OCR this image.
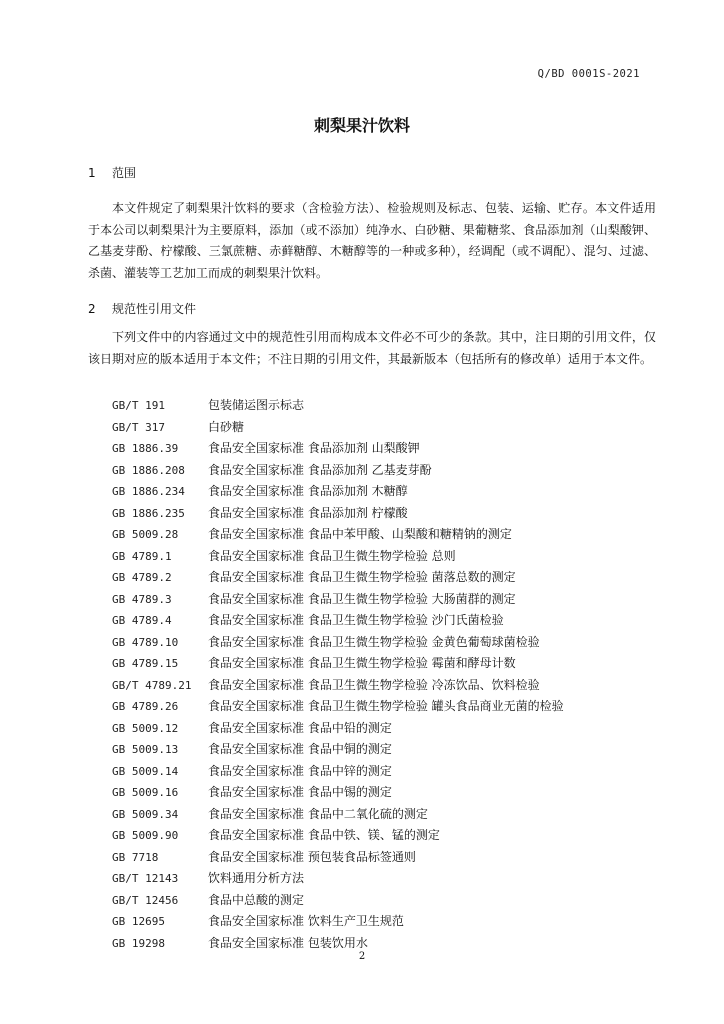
Q/BD 0001S-2021
刺梨果汁饮料
1 范围
本文件规定了刺梨果汁饮料的要求（含检验方法）、检验规则及标志、包装、运输、贮存。本文件适用于本公司以刺梨果汁为主要原料，添加（或不添加）纯净水、白砂糖、果葡糖浆、食品添加剂（山梨酸钾、乙基麦芽酚、柠檬酸、三氯蔗糖、赤藓糖醇、木糖醇等的一种或多种），经调配（或不调配）、混匀、过滤、杀菌、灌装等工艺加工而成的刺梨果汁饮料。
2 规范性引用文件
下列文件中的内容通过文中的规范性引用而构成本文件必不可少的条款。其中，注日期的引用文件，仅该日期对应的版本适用于本文件；不注日期的引用文件，其最新版本（包括所有的修改单）适用于本文件。
GB/T 191	包装储运图示标志
GB/T 317	白砂糖
GB 1886.39 食品安全国家标准 食品添加剂 山梨酸钾
GB 1886.208 食品安全国家标准 食品添加剂 乙基麦芽酚
GB 1886.234 食品安全国家标准 食品添加剂 木糖醇
GB 1886.235 食品安全国家标准 食品添加剂 柠檬酸
GB 5009.28 食品安全国家标准 食品中苯甲酸、山梨酸和糖精钠的测定
GB 4789.1	食品安全国家标准 食品卫生微生物学检验 总则
GB 4789.2	食品安全国家标准 食品卫生微生物学检验 菌落总数的测定
GB 4789.3	食品安全国家标准 食品卫生微生物学检验 大肠菌群的测定
GB 4789.4	食品安全国家标准 食品卫生微生物学检验 沙门氏菌检验
GB 4789.10 食品安全国家标准 食品卫生微生物学检验 金黄色葡萄球菌检验
GB 4789.15 食品安全国家标准 食品卫生微生物学检验 霉菌和酵母计数
GB/T 4789.21 食品安全国家标准 食品卫生微生物学检验 冷冻饮品、饮料检验
GB 4789.26 食品安全国家标准 食品卫生微生物学检验 罐头食品商业无菌的检验
GB 5009.12 食品安全国家标准 食品中铅的测定
GB 5009.13 食品安全国家标准 食品中铜的测定
GB 5009.14 食品安全国家标准 食品中锌的测定
GB 5009.16 食品安全国家标准 食品中锡的测定
GB 5009.34 食品安全国家标准 食品中二氧化硫的测定
GB 5009.90 食品安全国家标准 食品中铁、镁、锰的测定
GB 7718	食品安全国家标准 预包装食品标签通则
GB/T 12143 饮料通用分析方法
GB/T 12456 食品中总酸的测定
GB 12695	食品安全国家标准 饮料生产卫生规范
GB 19298	食品安全国家标准 包装饮用水
2
